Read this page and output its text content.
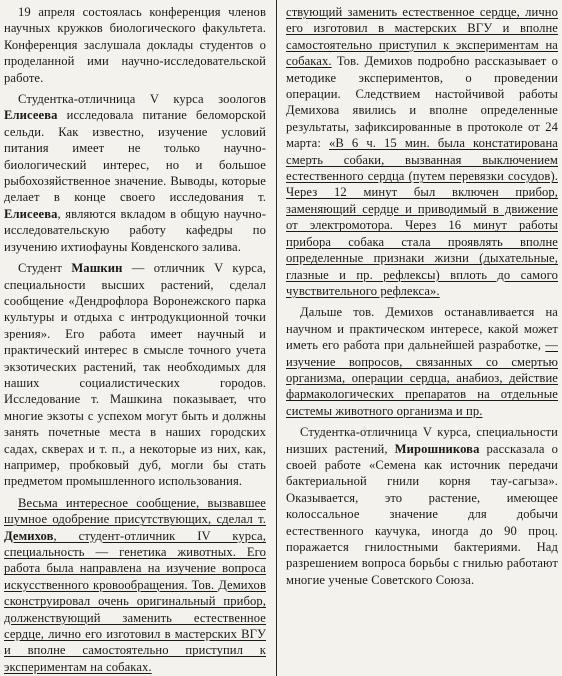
19 апреля состоялась конференция членов научных кружков биологического факультета. Конференция заслушала доклады студентов о проделанной ими научно-исследовательской работе.

Студентка-отличница V курса зоологов Елисеева исследовала питание беломорской сельди. Как известно, изучение условий питания имеет не только научно-биологический интерес, но и большое рыбохозяйственное значение. Выводы, которые делает в конце своего исследования т. Елисеева, являются вкладом в общую научно-исследовательскую работу кафедры по изучению ихтиофауны Ковденского залива.

Студент Машкин — отличник V курса, специальности высших растений, сделал сообщение «Дендрофлора Воронежского парка культуры и отдыха с интродукционной точки зрения». Его работа имеет научный и практический интерес в смысле точного учета экзотических растений, так необходимых для наших социалистических городов. Исследование т. Машкина показывает, что многие экзоты с успехом могут быть и должны занять почетные места в наших городских садах, скверах и т. п., а некоторые из них, как, например, пробковый дуб, могли бы стать предметом промышленного использования.

Весьма интересное сообщение, вызвавшее шумное одобрение присутствующих, сделал т. Демихов, студент-отличник IV курса, специальность — генетика животных. Его работа была направлена на изучение вопроса искусственного кровообращения. Тов. Демихов сконструировал очень оригинальный прибор, долженствующий заменить естественное сердце, лично его изготовил в мастерских ВГУ и вполне самостоятельно приступил к экспериментам на собаках.

ствующий заменить естественное сердце, лично его изготовил в мастерских ВГУ и вполне самостоятельно приступил к экспериментам на собаках. Тов. Демихов подробно рассказывает о методике экспериментов, о проведении операции. Следствием настойчивой работы Демихова явились и вполне определенные результаты, зафиксированные в протоколе от 24 марта: «В 6 ч. 15 мин. была констатирована смерть собаки, вызванная выключением естественного сердца (путем перевязки сосудов). Через 12 минут был включен прибор, заменяющий сердце и приводимый в движение от электромотора. Через 16 минут работы прибора собака стала проявлять вполне определенные признаки жизни (дыхательные, глазные и пр. рефлексы) вплоть до самого чувствительного рефлекса».

Дальше тов. Демихов останавливается на научном и практическом интересе, какой может иметь его работа при дальнейшей разработке, — изучение вопросов, связанных со смертью организма, операции сердца, анабиоз, действие фармакологических препаратов на отдельные системы животного организма и пр.

Студентка-отличница V курса, специальности низших растений, Мирошникова рассказала о своей работе «Семена как источник передачи бактериальной гнили корня тау-сагыза». Оказывается, это растение, имеющее колоссальное значение для добычи естественного каучука, иногда до 90 проц. поражается гнилостными бактериями. Над разрешением вопроса борьбы с гнилью работают многие ученые Советского Союза.
